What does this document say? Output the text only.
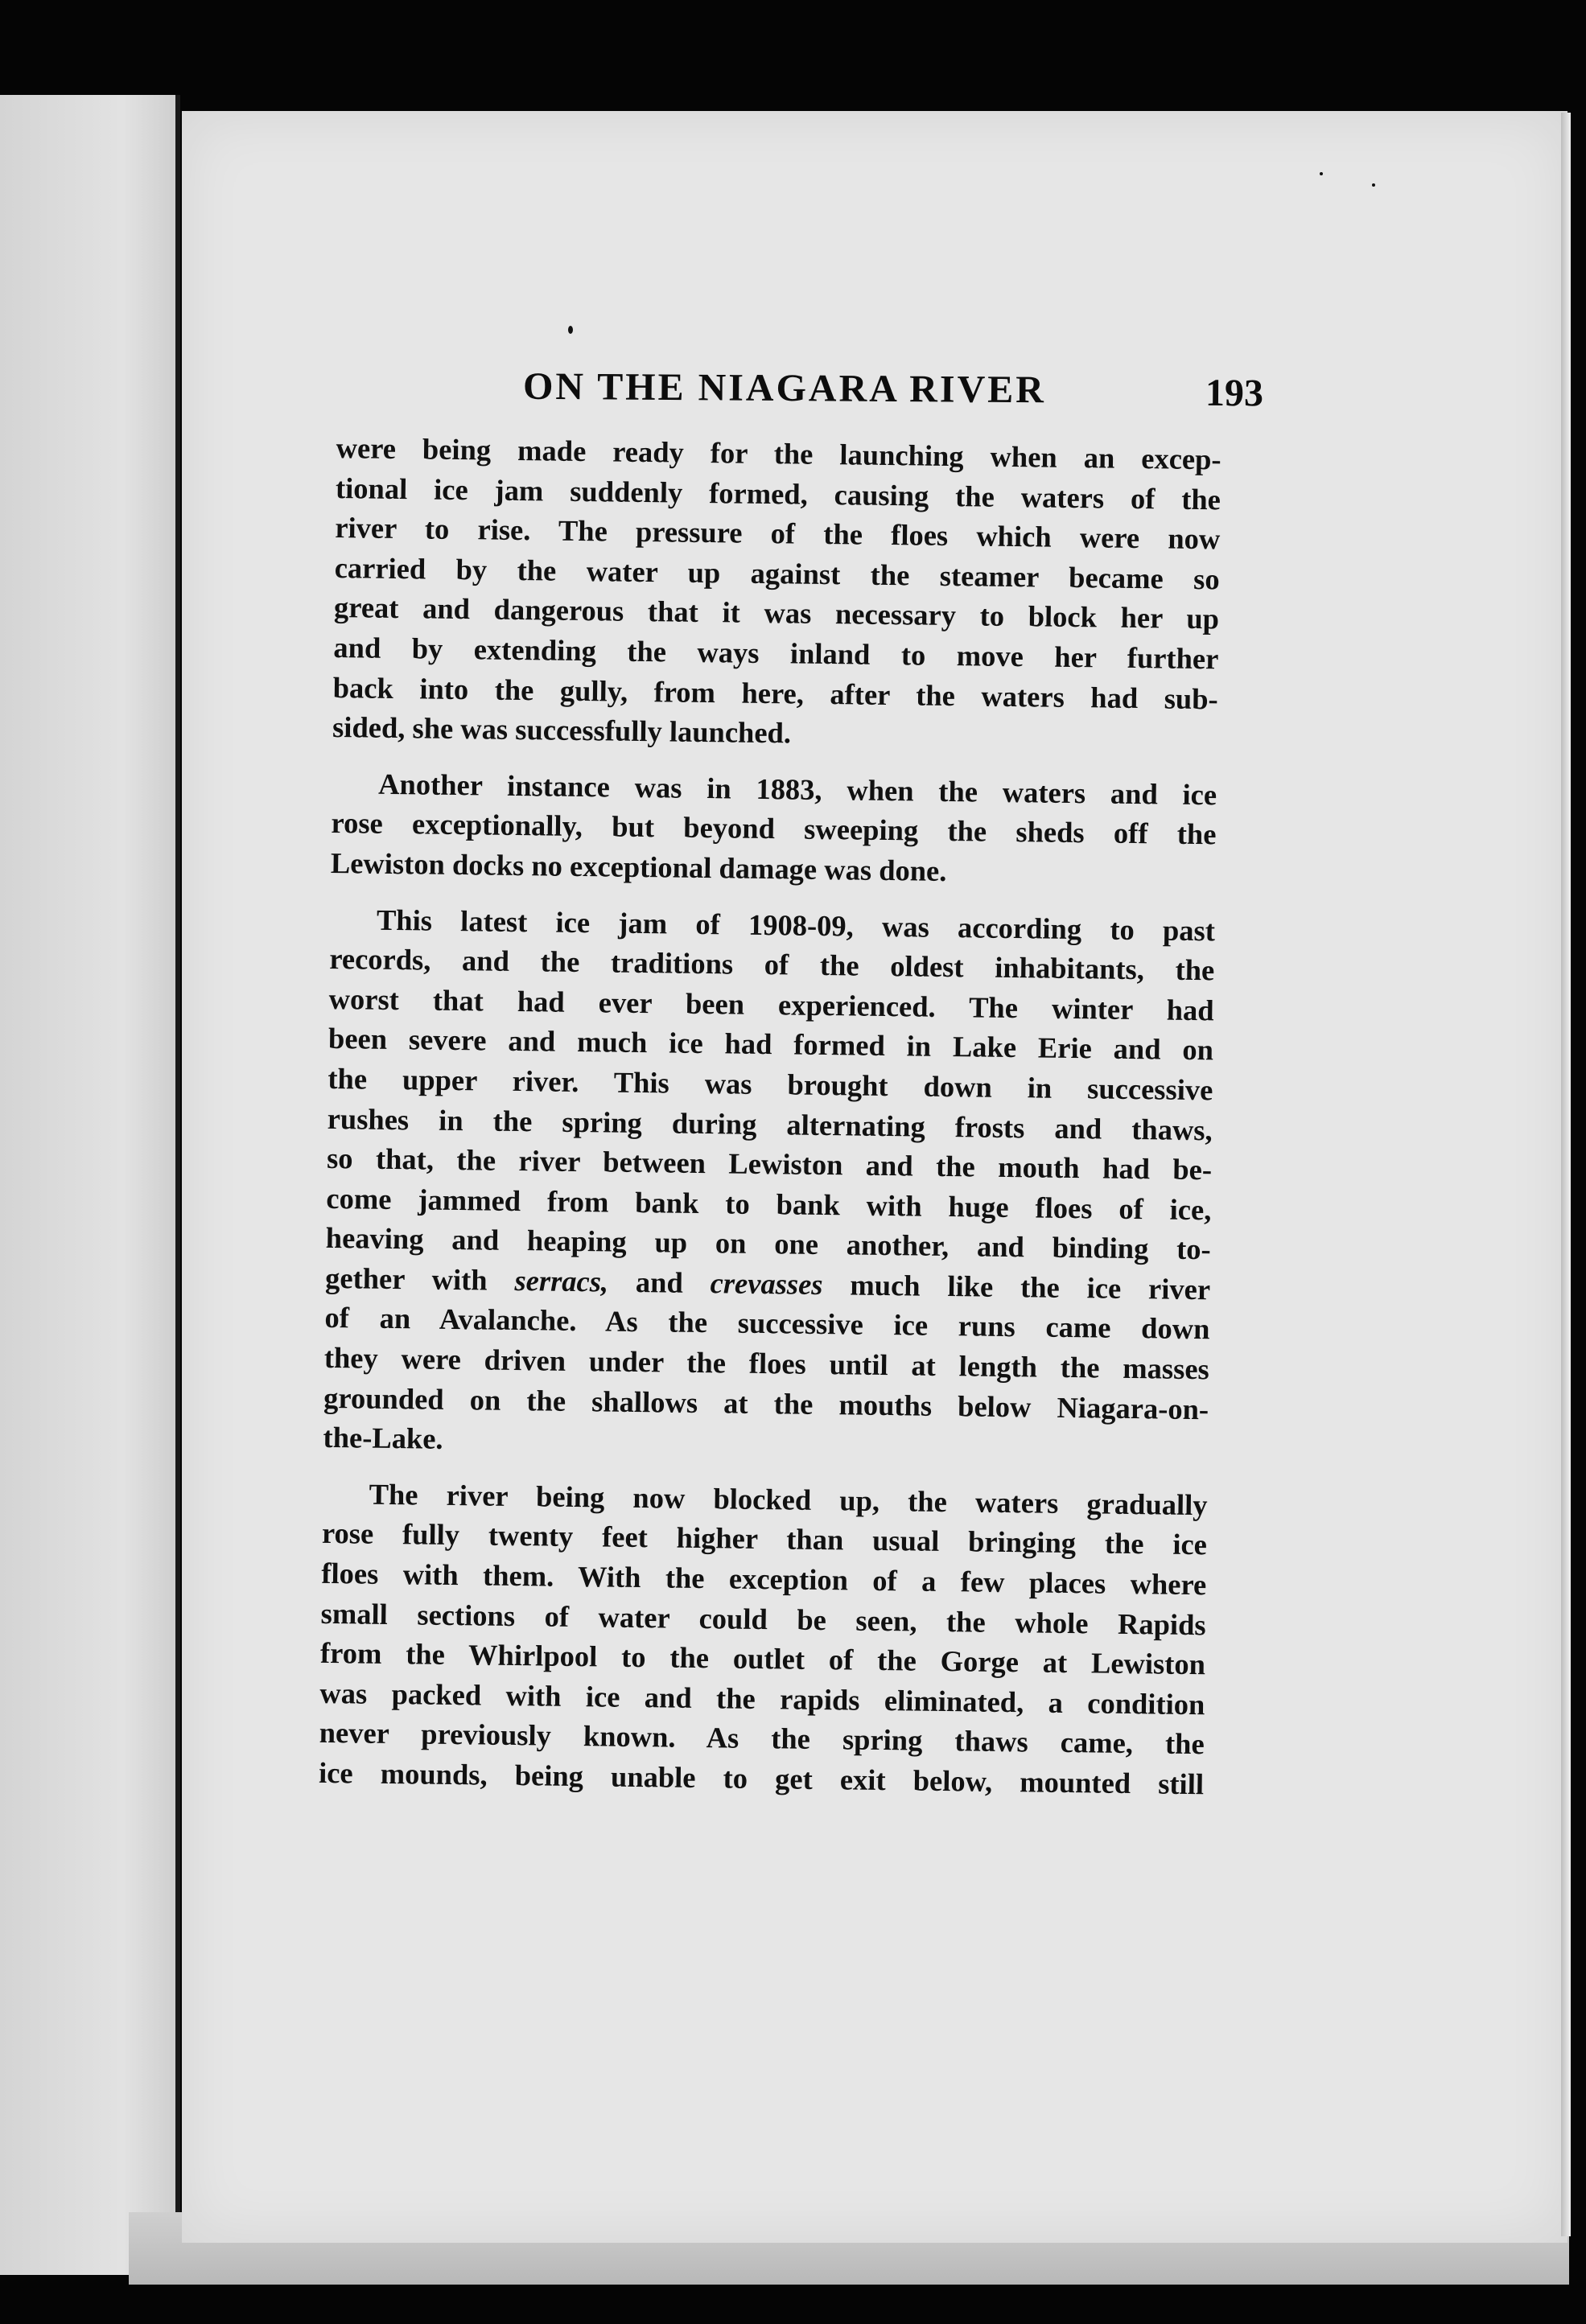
ON THE NIAGARA RIVER	193

were being made ready for the launching when an excep-
tional ice jam suddenly formed, causing the waters of the
river to rise. The pressure of the floes which were now
carried by the water up against the steamer became so
great and dangerous that it was necessary to block her up
and by extending the ways inland to move her further
back into the gully, from here, after the waters had sub-
sided, she was successfully launched.

Another instance was in 1883, when the waters and ice
rose exceptionally, but beyond sweeping the sheds off the
Lewiston docks no exceptional damage was done.

This latest ice jam of 1908-09, was according to past
records, and the traditions of the oldest inhabitants, the
worst that had ever been experienced. The winter had
been severe and much ice had formed in Lake Erie and on
the upper river. This was brought down in successive
rushes in the spring during alternating frosts and thaws,
so that, the river between Lewiston and the mouth had be-
come jammed from bank to bank with huge floes of ice,
heaving and heaping up on one another, and binding to-
gether with serracs, and crevasses much like the ice river
of an Avalanche. As the successive ice runs came down
they were driven under the floes until at length the masses
grounded on the shallows at the mouths below Niagara-on-
the-Lake.

The river being now blocked up, the waters gradually
rose fully twenty feet higher than usual bringing the ice
floes with them. With the exception of a few places where
small sections of water could be seen, the whole Rapids
from the Whirlpool to the outlet of the Gorge at Lewiston
was packed with ice and the rapids eliminated, a condition
never previously known. As the spring thaws came, the
ice mounds, being unable to get exit below, mounted still
